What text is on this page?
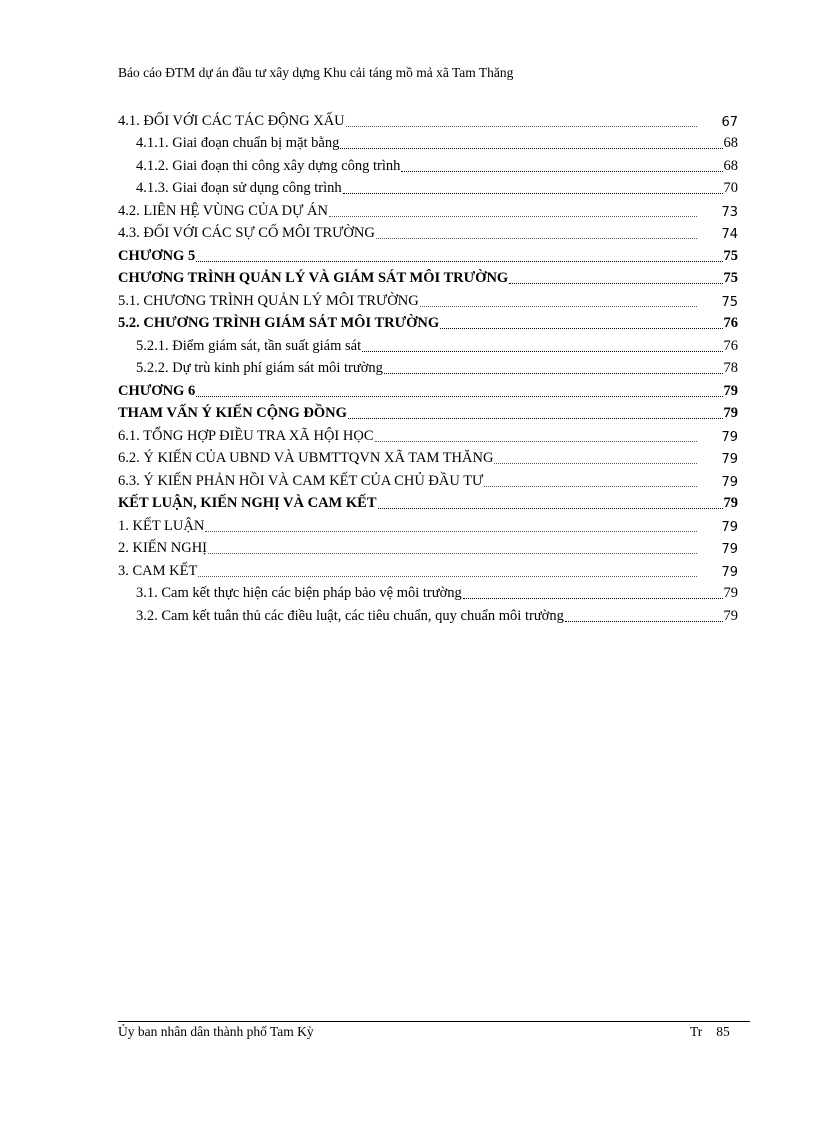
Báo cáo ĐTM dự án đầu tư xây dựng Khu cải táng mồ mả xã Tam Thăng
4.1. ĐỐI VỚI CÁC TÁC ĐỘNG XẤU	67
4.1.1. Giai đoạn chuẩn bị mặt bằng	68
4.1.2. Giai đoạn thi công xây dựng công trình	68
4.1.3. Giai đoạn sử dụng công trình	70
4.2. LIÊN HỆ VÙNG CỦA DỰ ÁN	73
4.3. ĐỐI VỚI CÁC SỰ CỐ MÔI TRƯỜNG	74
CHƯƠNG 5	75
CHƯƠNG TRÌNH QUẢN LÝ VÀ GIÁM SÁT MÔI TRƯỜNG	75
5.1. CHƯƠNG TRÌNH QUẢN LÝ MÔI TRƯỜNG	75
5.2. CHƯƠNG TRÌNH GIÁM SÁT MÔI TRƯỜNG	76
5.2.1. Điểm giám sát, tần suất giám sát	76
5.2.2. Dự trù kinh phí giám sát môi trường	78
CHƯƠNG 6	79
THAM VẤN Ý KIẾN CỘNG ĐỒNG	79
6.1. TỔNG HỢP ĐIỀU TRA XÃ HỘI HỌC	79
6.2. Ý KIẾN CỦA UBND VÀ UBMTTQVN XÃ TAM THĂNG	79
6.3. Ý KIẾN PHẢN HỒI VÀ CAM KẾT CỦA CHỦ ĐẦU TƯ	79
KẾT LUẬN, KIẾN NGHỊ VÀ CAM KẾT	79
1. KẾT LUẬN	79
2. KIẾN NGHỊ	79
3. CAM KẾT	79
3.1. Cam kết thực hiện các biện pháp bảo vệ môi trường	79
3.2. Cam kết tuân thủ các điều luật, các tiêu chuẩn, quy chuẩn môi trường	79
Ủy ban nhân dân thành phố Tam Kỳ	Tr 85
